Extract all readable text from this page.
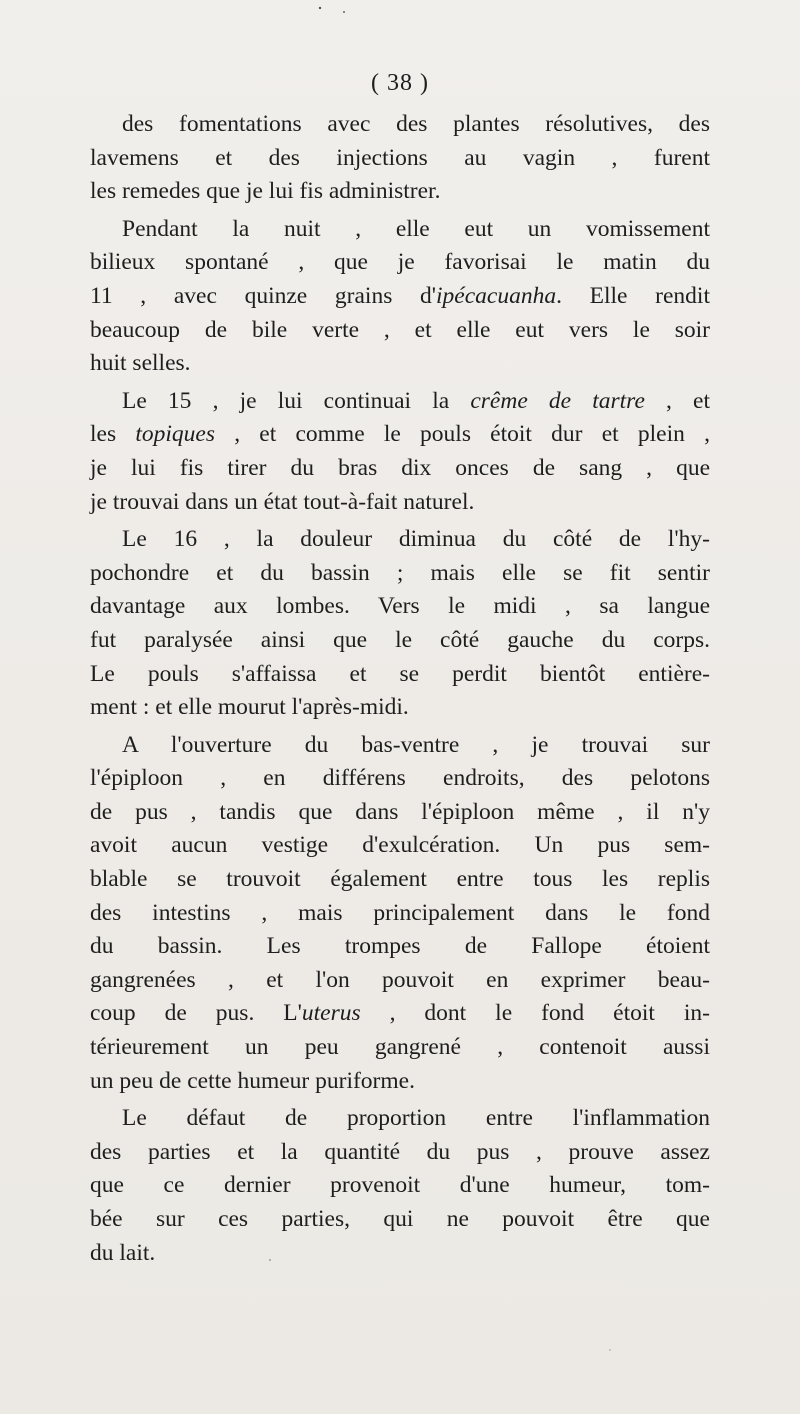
( 38 )
des fomentations avec des plantes résolutives, des
lavemens et des injections au vagin , furent
les remedes que je lui fis administrer.
Pendant la nuit , elle eut un vomissement
bilieux spontané , que je favorisai le matin du
11 , avec quinze grains d'ipécacuanha. Elle rendit
beaucoup de bile verte , et elle eut vers le soir
huit selles.
Le 15 , je lui continuai la crême de tartre , et
les topiques , et comme le pouls étoit dur et plein ,
je lui fis tirer du bras dix onces de sang , que
je trouvai dans un état tout-à-fait naturel.
Le 16 , la douleur diminua du côté de l'hy-
pochondre et du bassin ; mais elle se fit sentir
davantage aux lombes. Vers le midi , sa langue
fut paralysée ainsi que le côté gauche du corps.
Le pouls s'affaissa et se perdit bientôt entière-
ment : et elle mourut l'après-midi.
A l'ouverture du bas-ventre , je trouvai sur
l'épiploon , en différens endroits, des pelotons
de pus , tandis que dans l'épiploon même , il n'y
avoit aucun vestige d'exulcération. Un pus sem-
blable se trouvoit également entre tous les replis
des intestins , mais principalement dans le fond
du bassin. Les trompes de Fallope étoient
gangrenées , et l'on pouvoit en exprimer beau-
coup de pus. L'uterus , dont le fond étoit in-
térieurement un peu gangrené , contenoit aussi
un peu de cette humeur puriforme.
Le défaut de proportion entre l'inflammation
des parties et la quantité du pus , prouve assez
que ce dernier provenoit d'une humeur, tom-
bée sur ces parties, qui ne pouvoit être que
du lait.
